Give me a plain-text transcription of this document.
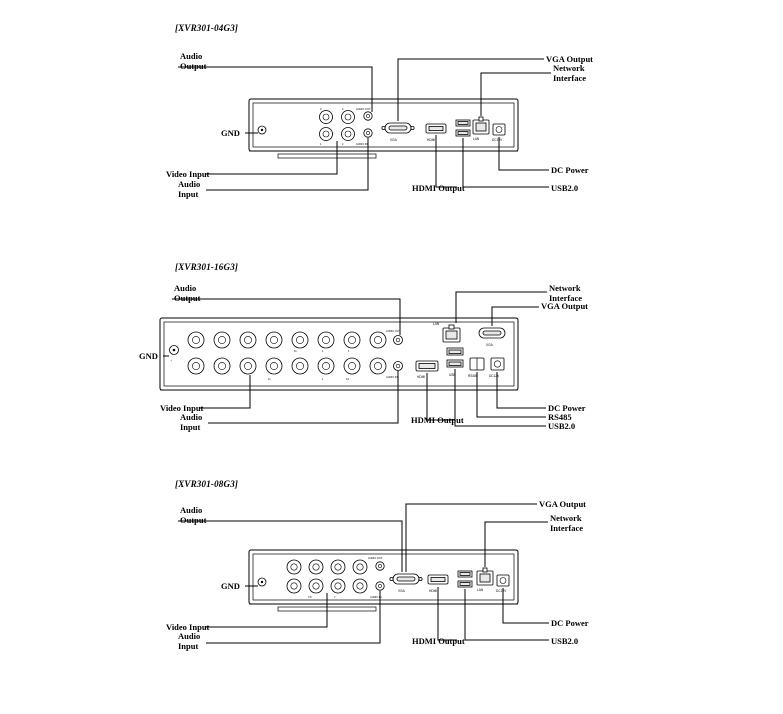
[XVR301-04G3]
Audio
Output
GND
Video Input
Audio
Input
HDMI Output
VGA Output
Network
Interface
DC Power
USB2.0
1	2
3	4	AUDIO OUT
AUDIO IN
VGA	HDMI	LAN	DC12V
[XVR301-16G3]
Audio
Output
GND
Video Input
Audio
Input
HDMI Output
Network
Interface
VGA Output
DC Power
RS485
USB2.0
⏚
11	1	1
11	1	14
AUDIO OUT
AUDIO IN	HDMI	USB
LAN
VGA
RS485	DC12V
[XVR301-08G3]
Audio
Output
GND
Video Input
Audio
Input	HDMI Output
VGA Output
Network
Interface
DC Power
USB2.0
3 5	7
AUDIO OUT
AUDIO IN
VGA	HDMI	LAN	DC12V
